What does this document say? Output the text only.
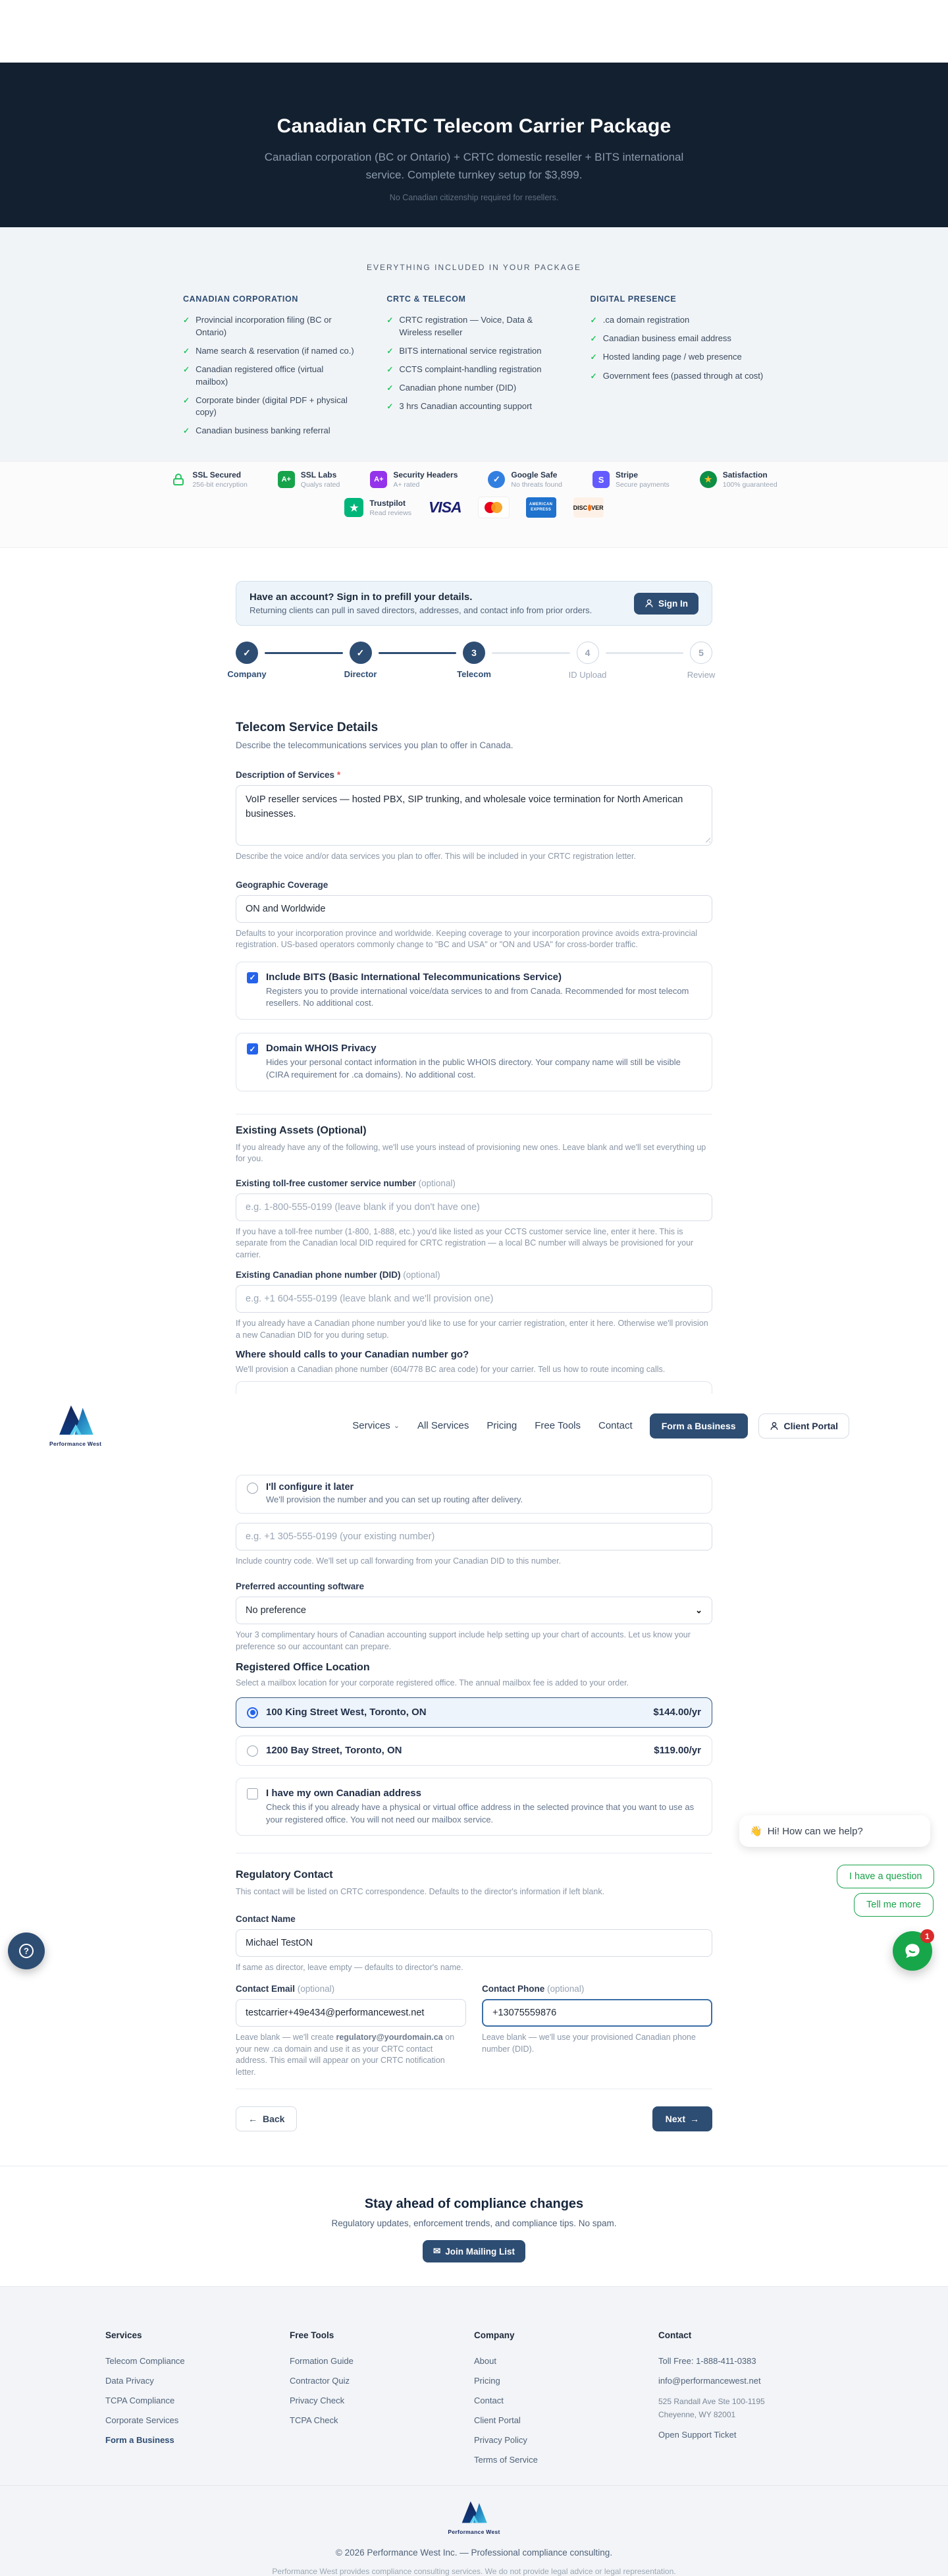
Canadian CRTC Telecom Carrier Package

Canadian corporation (BC or Ontario) + CRTC domestic reseller + BITS international service. Complete turnkey setup for $3,899.

No Canadian citizenship required for resellers.

EVERYTHING INCLUDED IN YOUR PACKAGE
CANADIAN CORPORATION
✓ Provincial incorporation filing (BC or Ontario)
✓ Name search & reservation (if named co.)
✓ Canadian registered office (virtual mailbox)
✓ Corporate binder (digital PDF + physical copy)
✓ Canadian business banking referral
CRTC & TELECOM
✓ CRTC registration — Voice, Data & Wireless reseller
✓ BITS international service registration
✓ CCTS complaint-handling registration
✓ Canadian phone number (DID)
✓ 3 hrs Canadian accounting support
DIGITAL PRESENCE
✓ .ca domain registration
✓ Canadian business email address
✓ Hosted landing page / web presence
✓ Government fees (passed through at cost)
SSL Secured
256-bit encryption
A+	SSL Labs
Qualys rated
A+	Security Headers
A+ rated
✓	Google Safe
No threats found
S	Stripe
Secure payments
★	Satisfaction
100% guaranteed
★	Trustpilot
Read reviews VISA	AMERICAN
EXPRESS	DISC VER
Have an account? Sign in to prefill your details.

Returning clients can pull in saved directors, addresses, and contact info from prior orders.

Sign In
✓
Company
✓
Director
3
Telecom
4
ID Upload
5
Review
Telecom Service Details

Describe the telecommunications services you plan to offer in Canada.

Description of Services *
VoIP reseller services — hosted PBX, SIP trunking, and wholesale voice termination for North American businesses.

Describe the voice and/or data services you plan to offer. This will be included in your CRTC registration letter.

Geographic Coverage
ON and Worldwide

Defaults to your incorporation province and worldwide. Keeping coverage to your incorporation province avoids extra-provincial registration. US-based operators commonly change to "BC and USA" or "ON and USA" for cross-border traffic.

✓ Include BITS (Basic International Telecommunications Service)
Registers you to provide international voice/data services to and from Canada. Recommended for most telecom resellers. No additional cost.
✓ Domain WHOIS Privacy
Hides your personal contact information in the public WHOIS directory. Your company name will still be visible (CIRA requirement for .ca domains). No additional cost.
Existing Assets (Optional)

If you already have any of the following, we'll use yours instead of provisioning new ones. Leave blank and we'll set everything up for you.

Existing toll-free customer service number (optional)
e.g. 1-800-555-0199 (leave blank if you don't have one)

If you have a toll-free number (1-800, 1-888, etc.) you'd like listed as your CCTS customer service line, enter it here. This is separate from the Canadian local DID required for CRTC registration — a local BC number will always be provisioned for your carrier.

Existing Canadian phone number (DID) (optional)
e.g. +1 604-555-0199 (leave blank and we'll provision one)

If you already have a Canadian phone number you'd like to use for your carrier registration, enter it here. Otherwise we'll provision a new Canadian DID for you during setup.

Where should calls to your Canadian number go?

We'll provision a Canadian phone number (604/778 BC area code) for your carrier. Tell us how to route incoming calls.

I'll configure it later
We'll provision the number and you can set up routing after delivery.
e.g. +1 305-555-0199 (your existing number)

Include country code. We'll set up call forwarding from your Canadian DID to this number.

Preferred accounting software
No preference	⌄

Your 3 complimentary hours of Canadian accounting support include help setting up your chart of accounts. Let us know your preference so our accountant can prepare.

Registered Office Location

Select a mailbox location for your corporate registered office. The annual mailbox fee is added to your order.

100 King Street West, Toronto, ON	$144.00/yr
1200 Bay Street, Toronto, ON	$119.00/yr
I have my own Canadian address
Check this if you already have a physical or virtual office address in the selected province that you want to use as your registered office. You will not need our mailbox service.
Regulatory Contact

This contact will be listed on CRTC correspondence. Defaults to the director's information if left blank.

Contact Name
Michael TestON

If same as director, leave empty — defaults to director's name.

Contact Email (optional)
testcarrier+49e434@performancewest.net

Leave blank — we'll create regulatory@yourdomain.ca on your new .ca domain and use it as your CRTC contact address. This email will appear on your CRTC notification letter.

Contact Phone (optional)
+13075559876

Leave blank — we'll use your provisioned Canadian phone number (DID).

← Back	Next →
Stay ahead of compliance changes

Regulatory updates, enforcement trends, and compliance tips. No spam.

✉ Join Mailing List
Services
Telecom Compliance
Data Privacy
TCPA Compliance
Corporate Services
Form a Business
Free Tools
Formation Guide
Contractor Quiz
Privacy Check
TCPA Check
Company
About
Pricing
Contact
Client Portal
Privacy Policy
Terms of Service
Contact
Toll Free: 1-888-411-0383
info@performancewest.net
525 Randall Ave Ste 100-1195
Cheyenne, WY 82001
Open Support Ticket
Performance West

© 2026 Performance West Inc. — Professional compliance consulting.

Performance West provides compliance consulting services. We do not provide legal advice or legal representation.

Performance West
Services ⌄ All Services Pricing Free Tools Contact	Form a Business	Client Portal
👋 Hi! How can we help?
I have a question
Tell me more
1
?
